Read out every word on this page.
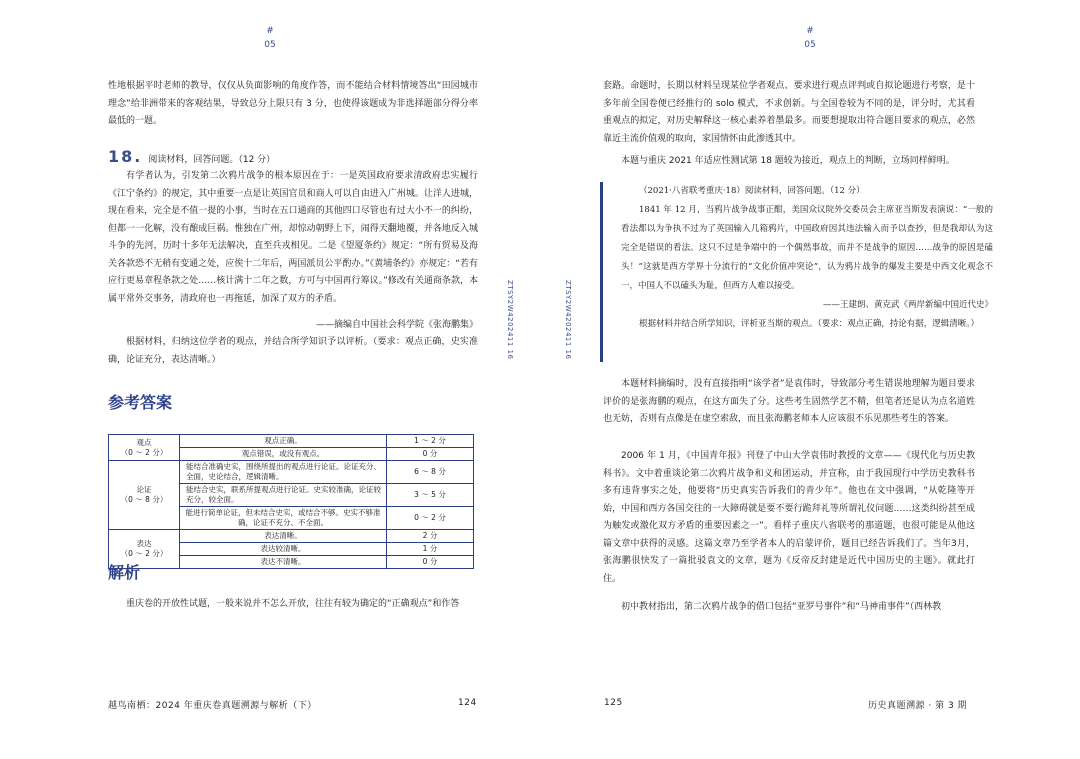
#
05

性地根据平时老师的教导，仅仅从负面影响的角度作答，而不能结合材料情境答出“田园城市理念”给非洲带来的客观结果，导致总分上限只有 3 分，也使得该题成为非选择题部分得分率最低的一题。

18. 阅读材料，回答问题。（12 分）

有学者认为，引发第二次鸦片战争的根本原因在于：一是英国政府要求清政府忠实履行《江宁条约》的规定，其中重要一点是让英国官员和商人可以自由进入广州城。让洋人进城，现在看来，完全是不值一提的小事，当时在五口通商的其他四口尽管也有过大小不一的纠纷，但都一一化解，没有酿成巨祸。惟独在广州，却惊动朝野上下，闹得天翻地覆，并各地反入城斗争的先河，历时十多年无法解决，直至兵戎相见。二是《望厦条约》规定：“所有贸易及海关各款恐不无稍有变通之处，应俟十二年后，两国派员公平酌办。”《黄埔条约》亦规定：“若有应行更易章程条款之处……核计满十二年之数，方可与中国再行筹议。”修改有关通商条款，本属平常外交事务，清政府也一再拖延，加深了双方的矛盾。

——摘编自中国社会科学院《张海鹏集》

根据材料，归纳这位学者的观点，并结合所学知识予以评析。（要求：观点正确，史实准确，论证充分，表达清晰。）

参考答案
观点
（0 ～ 2 分）	观点正确。	1 ～ 2 分
	观点错误，或没有观点。	0 分
论证
（0 ～ 8 分）	能结合准确史实，围绕所提出的观点进行论证。论证充分、全面，史论结合，逻辑清晰。	6 ～ 8 分
	能结合史实，联系所提观点进行论证。史实较准确，论证较充分，较全面。	3 ～ 5 分
	能进行简单论证，但未结合史实，或结合不够。史实不够准确，论证不充分、不全面。	0 ～ 2 分
表达
（0 ～ 2 分）	表达清晰。	2 分
	表达较清晰。	1 分
	表达不清晰。	0 分
解析

重庆卷的开放性试题，一般来说并不怎么开放，往往有较为确定的“正确观点”和作答

ZTSY2W4202411 16
越鸟南栖：2024 年重庆卷真题溯源与解析（下）	124
#
05
ZTSY2W4202411 16

套路。命题时，长期以材料呈现某位学者观点、要求进行观点评判或自拟论题进行考察，是十多年前全国卷便已经推行的 solo 模式，不求创新。与全国卷较为不同的是，评分时，尤其看重观点的拟定，对历史解释这一核心素养着墨最多。而要想提取出符合题目要求的观点，必然靠近主流价值观的取向，家国情怀由此渗透其中。

本题与重庆 2021 年适应性测试第 18 题较为接近，观点上的判断，立场同样鲜明。

（2021·八省联考重庆·18）阅读材料，回答问题。（12 分）

1841 年 12 月，当鸦片战争战事正酣，美国众议院外交委员会主席亚当斯发表演说：“一般的看法都以为争执不过为了英国输入几箱鸦片，中国政府因其违法输入而予以查抄，但是我却认为这完全是错误的看法。这只不过是争端中的一个偶然事故，而并不是战争的原因……战争的原因是磕头！”这就是西方学界十分流行的“文化价值冲突论”，认为鸦片战争的爆发主要是中西文化观念不一，中国人不以磕头为耻，但西方人难以接受。

——王建朗、黄克武《两岸新编中国近代史》

根据材料并结合所学知识，评析亚当斯的观点。（要求：观点正确，持论有据，逻辑清晰。）

本题材料摘编时，没有直接指明“该学者”是袁伟时，导致部分考生错误地理解为题目要求评价的是张海鹏的观点，在这方面失了分。这些考生固然学艺不精，但笔者还是认为点名道姓也无妨，否则有点像是在虚空索敌，而且张海鹏老师本人应该很不乐见那些考生的答案。

2006 年 1 月，《中国青年报》刊登了中山大学袁伟时教授的文章——《现代化与历史教科书》。文中着重谈论第二次鸦片战争和义和团运动，并宣称，由于我国现行中学历史教科书多有违背事实之处，他要将“历史真实告诉我们的青少年”。他也在文中强调，“从乾隆等开始，中国和西方各国交往的一大障碍就是要不要行跪拜礼等所谓礼仪问题……这类纠纷甚至成为触发或激化双方矛盾的重要因素之一”。看样子重庆八省联考的那道题，也很可能是从他这篇文章中获得的灵感。这篇文章乃至学者本人的启蒙评价，题目已经告诉我们了。当年3月，张海鹏很快发了一篇批驳袁文的文章，题为《反帝反封建是近代中国历史的主题》。就此打住。

初中教材指出，第二次鸦片战争的借口包括“亚罗号事件”和“马神甫事件”（西林教

125	历史真题溯源 · 第 3 期
